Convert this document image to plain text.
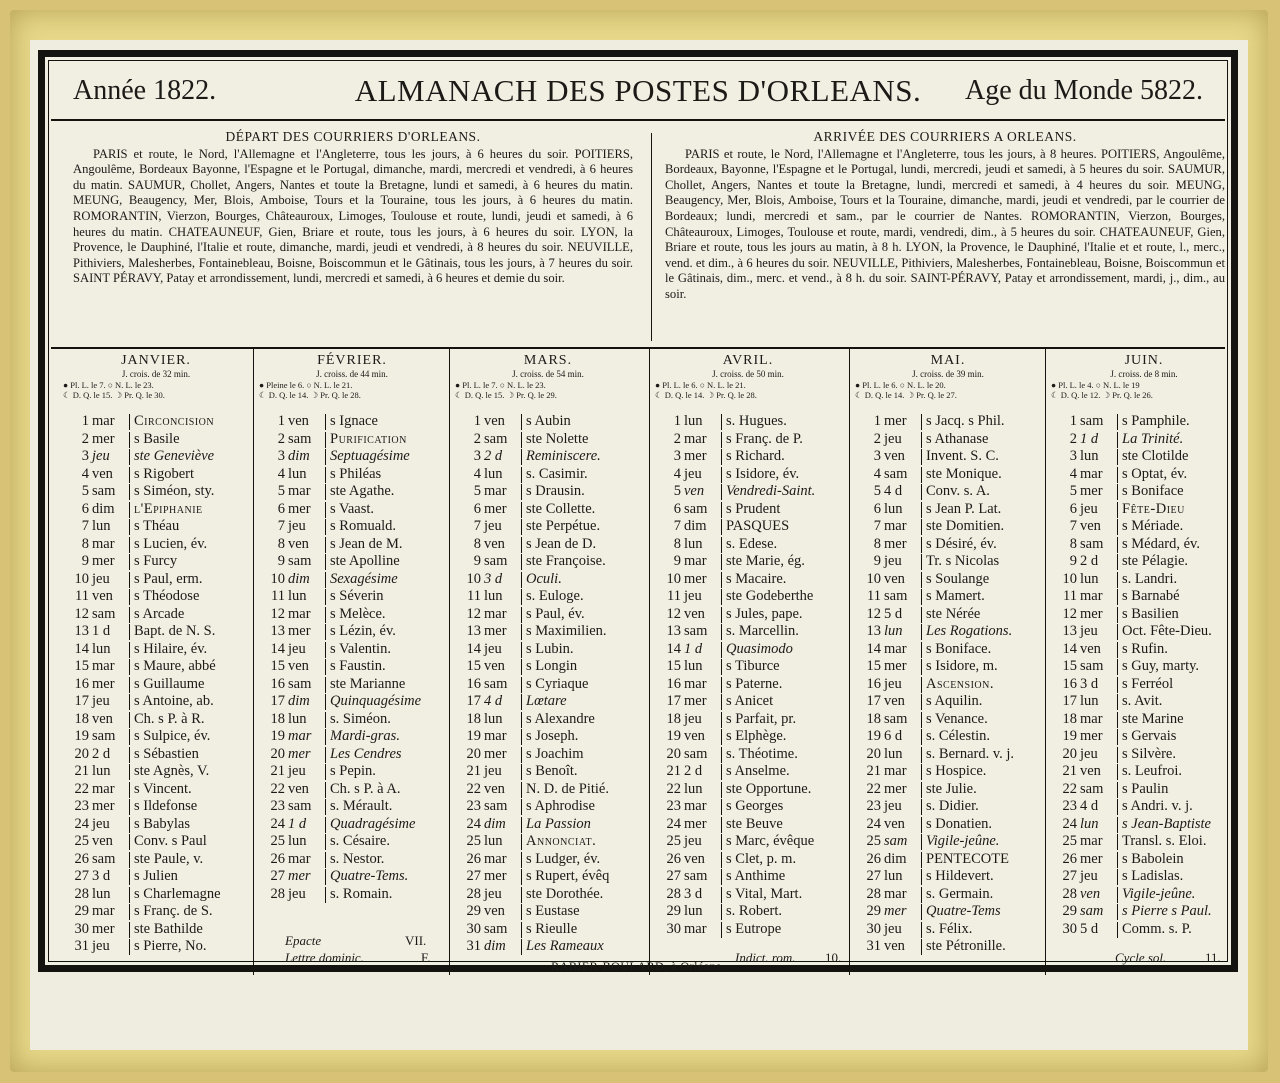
Année 1822.	ALMANACH DES POSTES D'ORLEANS.	Age du Monde 5822.
DÉPART DES COURRIERS D'ORLEANS.

PARIS et route, le Nord, l'Allemagne et l'Angleterre, tous les jours, à 6 heures du soir. POITIERS, Angoulême, Bordeaux Bayonne, l'Espagne et le Portugal, dimanche, mardi, mercredi et vendredi, à 6 heures du matin. SAUMUR, Chollet, Angers, Nantes et toute la Bretagne, lundi et samedi, à 6 heures du matin. MEUNG, Beaugency, Mer, Blois, Amboise, Tours et la Touraine, tous les jours, à 6 heures du matin. ROMORANTIN, Vierzon, Bourges, Châteauroux, Limoges, Toulouse et route, lundi, jeudi et samedi, à 6 heures du matin. CHATEAUNEUF, Gien, Briare et route, tous les jours, à 6 heures du soir. LYON, la Provence, le Dauphiné, l'Italie et route, dimanche, mardi, jeudi et vendredi, à 8 heures du soir. NEUVILLE, Pithiviers, Malesherbes, Fontainebleau, Boisne, Boiscommun et le Gâtinais, tous les jours, à 7 heures du soir. SAINT PÉRAVY, Patay et arrondissement, lundi, mercredi et samedi, à 6 heures et demie du soir.

ARRIVÉE DES COURRIERS A ORLEANS.

PARIS et route, le Nord, l'Allemagne et l'Angleterre, tous les jours, à 8 heures. POITIERS, Angoulême, Bordeaux, Bayonne, l'Espagne et le Portugal, lundi, mercredi, jeudi et samedi, à 5 heures du soir. SAUMUR, Chollet, Angers, Nantes et toute la Bretagne, lundi, mercredi et samedi, à 4 heures du soir. MEUNG, Beaugency, Mer, Blois, Amboise, Tours et la Touraine, dimanche, mardi, jeudi et vendredi, par le courrier de Bordeaux; lundi, mercredi et sam., par le courrier de Nantes. ROMORANTIN, Vierzon, Bourges, Châteauroux, Limoges, Toulouse et route, mardi, vendredi, dim., à 5 heures du soir. CHATEAUNEUF, Gien, Briare et route, tous les jours au matin, à 8 h. LYON, la Provence, le Dauphiné, l'Italie et et route, l., merc., vend. et dim., à 6 heures du soir. NEUVILLE, Pithiviers, Malesherbes, Fontainebleau, Boisne, Boiscommun et le Gâtinais, dim., merc. et vend., à 8 h. du soir. SAINT-PÉRAVY, Patay et arrondissement, mardi, j., dim., au soir.

JANVIER.
J. crois. de 32 min.
● Pl. L. le 7. ○ N. L. le 23.
☾ D. Q. le 15. ☽ Pr. Q. le 30.
1 mar	Circoncision
2 mer	s Basile
3 jeu	ste Geneviève
4 ven	s Rigobert
5 sam	s Siméon, sty.
6 dim	l'Epiphanie
7 lun	s Théau
8 mar	s Lucien, év.
9 mer	s Furcy
10 jeu	s Paul, erm.
11 ven	s Théodose
12 sam	s Arcade
13 1 d	Bapt. de N. S.
14 lun	s Hilaire, év.
15 mar	s Maure, abbé
16 mer	s Guillaume
17 jeu	s Antoine, ab.
18 ven	Ch. s P. à R.
19 sam	s Sulpice, év.
20 2 d	s Sébastien
21 lun	ste Agnès, V.
22 mar	s Vincent.
23 mer	s Ildefonse
24 jeu	s Babylas
25 ven	Conv. s Paul
26 sam	ste Paule, v.
27 3 d	s Julien
28 lun	s Charlemagne
29 mar	s Franç. de S.
30 mer	ste Bathilde
31 jeu	s Pierre, No.
FÉVRIER.
J. croiss. de 44 min.
● Pleine le 6. ○ N. L. le 21.
☾ D. Q. le 14. ☽ Pr. Q. le 28.
1 ven	s Ignace
2 sam	Purification
3 dim	Septuagésime
4 lun	s Philéas
5 mar	ste Agathe.
6 mer	s Vaast.
7 jeu	s Romuald.
8 ven	s Jean de M.
9 sam	ste Apolline
10 dim	Sexagésime
11 lun	s Séverin
12 mar	s Melèce.
13 mer	s Lézin, év.
14 jeu	s Valentin.
15 ven	s Faustin.
16 sam	ste Marianne
17 dim	Quinquagésime
18 lun	s. Siméon.
19 mar	Mardi-gras.
20 mer	Les Cendres
21 jeu	s Pepin.
22 ven	Ch. s P. à A.
23 sam	s. Mérault.
24 1 d	Quadragésime
25 lun	s. Césaire.
26 mar	s. Nestor.
27 mer	Quatre-Tems.
28 jeu	s. Romain.
MARS.
J. croiss. de 54 min.
● Pl. L. le 7. ○ N. L. le 23.
☾ D. Q. le 15. ☽ Pr. Q. le 29.
1 ven	s Aubin
2 sam	ste Nolette
3 2 d	Reminiscere.
4 lun	s. Casimir.
5 mar	s Drausin.
6 mer	ste Collette.
7 jeu	ste Perpétue.
8 ven	s Jean de D.
9 sam	ste Françoise.
10 3 d	Oculi.
11 lun	s. Euloge.
12 mar	s Paul, év.
13 mer	s Maximilien.
14 jeu	s Lubin.
15 ven	s Longin
16 sam	s Cyriaque
17 4 d	Lœtare
18 lun	s Alexandre
19 mar	s Joseph.
20 mer	s Joachim
21 jeu	s Benoît.
22 ven	N. D. de Pitié.
23 sam	s Aphrodise
24 dim	La Passion
25 lun	Annonciat.
26 mar	s Ludger, év.
27 mer	s Rupert, évêq
28 jeu	ste Dorothée.
29 ven	s Eustase
30 sam	s Rieulle
31 dim	Les Rameaux
AVRIL.
J. croiss. de 50 min.
● Pl. L. le 6. ○ N. L. le 21.
☾ D. Q. le 14. ☽ Pr. Q. le 28.
1 lun	s. Hugues.
2 mar	s Franç. de P.
3 mer	s Richard.
4 jeu	s Isidore, év.
5 ven	Vendredi-Saint.
6 sam	s Prudent
7 dim	PASQUES
8 lun	s. Edese.
9 mar	ste Marie, ég.
10 mer	s Macaire.
11 jeu	ste Godeberthe
12 ven	s Jules, pape.
13 sam	s. Marcellin.
14 1 d	Quasimodo
15 lun	s Tiburce
16 mar	s Paterne.
17 mer	s Anicet
18 jeu	s Parfait, pr.
19 ven	s Elphège.
20 sam	s. Théotime.
21 2 d	s Anselme.
22 lun	ste Opportune.
23 mar	s Georges
24 mer	ste Beuve
25 jeu	s Marc, évêque
26 ven	s Clet, p. m.
27 sam	s Anthime
28 3 d	s Vital, Mart.
29 lun	s. Robert.
30 mar	s Eutrope
MAI.
J. croiss. de 39 min.
● Pl. L. le 6. ○ N. L. le 20.
☾ D. Q. le 14. ☽ Pr. Q. le 27.
1 mer	s Jacq. s Phil.
2 jeu	s Athanase
3 ven	Invent. S. C.
4 sam	ste Monique.
5 4 d	Conv. s. A.
6 lun	s Jean P. Lat.
7 mar	ste Domitien.
8 mer	s Désiré, év.
9 jeu	Tr. s Nicolas
10 ven	s Soulange
11 sam	s Mamert.
12 5 d	ste Nérée
13 lun	Les Rogations.
14 mar	s Boniface.
15 mer	s Isidore, m.
16 jeu	Ascension.
17 ven	s Aquilin.
18 sam	s Venance.
19 6 d	s. Célestin.
20 lun	s. Bernard. v. j.
21 mar	s Hospice.
22 mer	ste Julie.
23 jeu	s. Didier.
24 ven	s Donatien.
25 sam	Vigile-jeûne.
26 dim	PENTECOTE
27 lun	s Hildevert.
28 mar	s. Germain.
29 mer	Quatre-Tems
30 jeu	s. Félix.
31 ven	ste Pétronille.
JUIN.
J. croiss. de 8 min.
● Pl. L. le 4. ○ N. L. le 19
☾ D. Q. le 12. ☽ Pr. Q. le 26.
1 sam	s Pamphile.
2 1 d	La Trinité.
3 lun	ste Clotilde
4 mar	s Optat, év.
5 mer	s Boniface
6 jeu	Fête-Dieu
7 ven	s Mériade.
8 sam	s Médard, év.
9 2 d	ste Pélagie.
10 lun	s. Landri.
11 mar	s Barnabé
12 mer	s Basilien
13 jeu	Oct. Fête-Dieu.
14 ven	s Rufin.
15 sam	s Guy, marty.
16 3 d	s Ferréol
17 lun	s. Avit.
18 mar	ste Marine
19 mer	s Gervais
20 jeu	s Silvère.
21 ven	s. Leufroi.
22 sam	s Paulin
23 4 d	s Andri. v. j.
24 lun	s Jean-Baptiste
25 mar	Transl. s. Eloi.
26 mer	s Babolein
27 jeu	s Ladislas.
28 ven	Vigile-jeûne.
29 sam	s Pierre s Paul.
30 5 d	Comm. s. P.
Epacte	VII.
Lettre dominic.	F.	Indict. rom. 10.	Cycle sol.	11.
RABIER-BOULARD, à Orléans.
